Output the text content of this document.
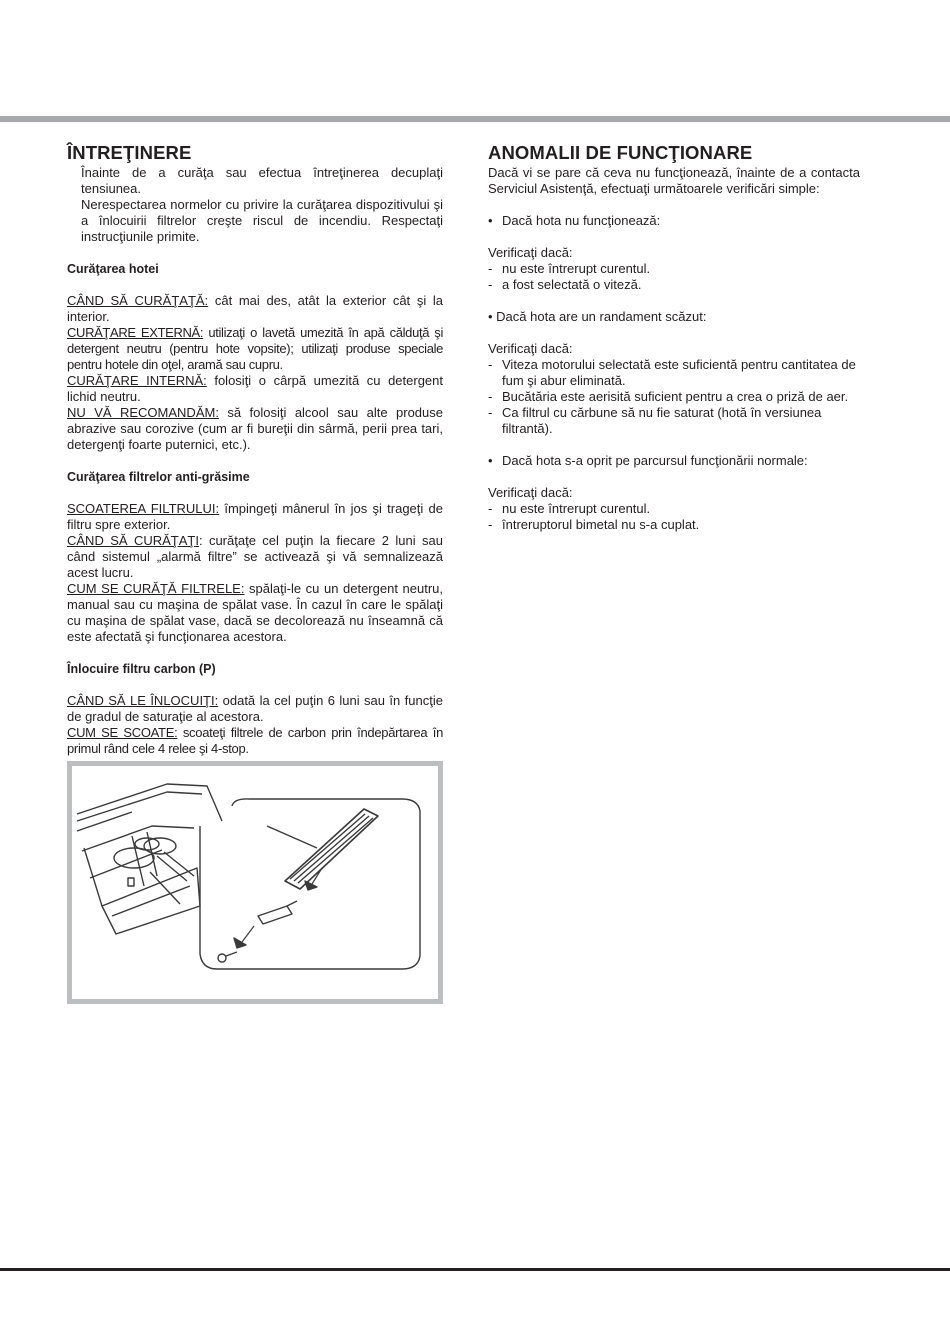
ÎNTREŢINERE
Înainte de a curăţa sau efectua întreţinerea decuplaţi tensiunea.
Nerespectarea normelor cu privire la curăţarea dispozitivului şi a înlocuirii filtrelor creşte riscul de incendiu. Respectaţi instrucţiunile primite.
Curăţarea hotei
CÂND SĂ CURĂŢAŢĂ: cât mai des, atât la exterior cât şi la interior.
CURĂŢARE EXTERNĂ: utilizaţi o lavetă umezită în apă călduţă şi detergent neutru (pentru hote vopsite); utilizaţi produse speciale pentru hotele din oţel, aramă sau cupru.
CURĂŢARE INTERNĂ: folosiţi o cârpă umezită cu detergent lichid neutru.
NU VĂ RECOMANDĂM: să folosiţi alcool sau alte produse abrazive sau corozive (cum ar fi bureţii din sârmă, perii prea tari, detergenţi foarte puternici, etc.).
Curăţarea filtrelor anti-grăsime
SCOATEREA FILTRULUI: împingeţi mânerul în jos şi trageţi de filtru spre exterior.
CÂND SĂ CURĂŢAŢI: curăţaţe cel puţin la fiecare 2 luni sau când sistemul „alarmă filtre” se activează şi vă semnalizează acest lucru.
CUM SE CURĂŢĂ FILTRELE: spălaţi-le cu un detergent neutru, manual sau cu maşina de spălat vase. În cazul în care le spălaţi cu maşina de spălat vase, dacă se decolorează nu înseamnă că este afectată şi funcţionarea acestora.
Înlocuire filtru carbon (P)
CÂND SĂ LE ÎNLOCUIŢI: odată la cel puţin 6 luni sau în funcţie de gradul de saturaţie al acestora.
CUM SE SCOATE: scoateţi filtrele de carbon prin îndepărtarea în primul rând cele 4 relee şi 4-stop.
ANOMALII DE FUNCŢIONARE
Dacă vi se pare că ceva nu funcţionează, înainte de a contacta Serviciul Asistenţă, efectuaţi următoarele verificări simple:
• Dacă hota nu funcţionează:
Verificaţi dacă:
- nu este întrerupt curentul.
- a fost selectată o viteză.
• Dacă hota are un randament scăzut:
Verificaţi dacă:
- Viteza motorului selectată este suficientă pentru cantitatea de fum şi abur eliminată.
- Bucătăria este aerisită suficient pentru a crea o priză de aer.
- Ca filtrul cu cărbune să nu fie saturat (hotă în versiunea filtrantă).
• Dacă hota s-a oprit pe parcursul funcţionării normale:
Verificaţi dacă:
- nu este întrerupt curentul.
- întreruptorul bimetal nu s-a cuplat.
